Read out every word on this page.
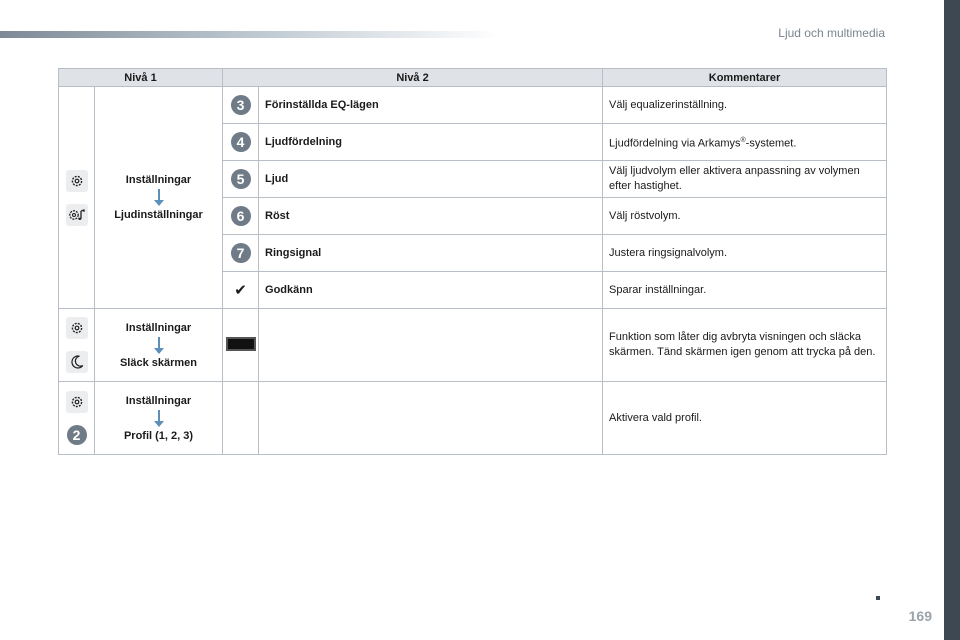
Ljud och multimedia
Nivå 1		Nivå 2		Kommentarer

Inställningar
Ljudinställningar	3	Förinställda EQ-lägen	Välj equalizerinställning.
		4	Ljudfördelning	Ljudfördelning via Arkamys®-systemet.
		5	Ljud	Välj ljudvolym eller aktivera anpassning av volymen efter hastighet.
		6	Röst	Välj röstvolym.
		7	Ringsignal	Justera ringsignalvolym.
		✔	Godkänn	Sparar inställningar.

Inställningar
Släck skärmen			Funktion som låter dig avbryta visningen och släcka skärmen. Tänd skärmen igen genom att trycka på den.

2	Inställningar
Profil (1, 2, 3)			Aktivera vald profil.
169
